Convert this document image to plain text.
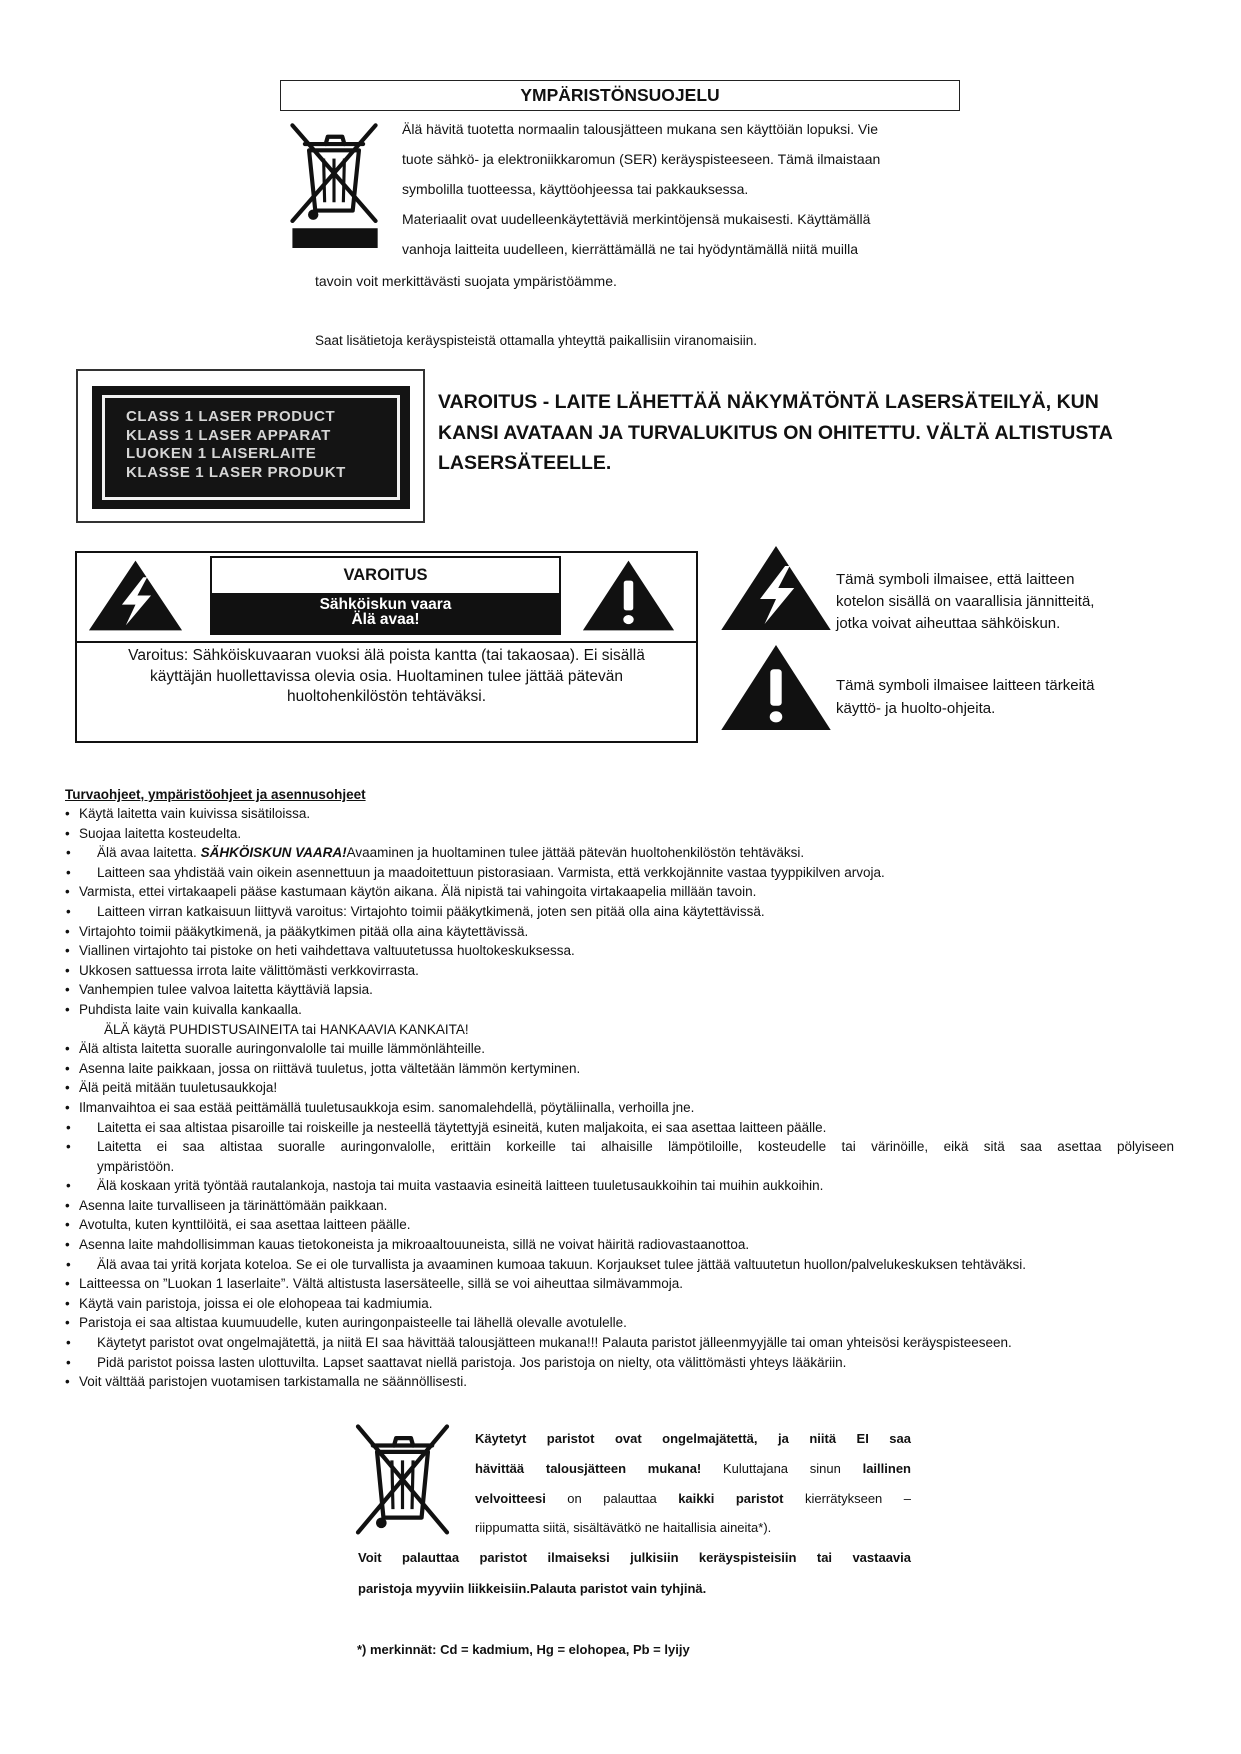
YMPÄRISTÖNSUOJELU
Älä hävitä tuotetta normaalin talousjätteen mukana sen käyttöiän lopuksi. Vie
tuote sähkö- ja elektroniikkaromun (SER) keräyspisteeseen. Tämä ilmaistaan
symbolilla tuotteessa, käyttöohjeessa tai pakkauksessa.
Materiaalit ovat uudelleenkäytettäviä merkintöjensä mukaisesti. Käyttämällä
vanhoja laitteita uudelleen, kierrättämällä ne tai hyödyntämällä niitä muilla
tavoin voit merkittävästi suojata ympäristöämme.
Saat lisätietoja keräyspisteistä ottamalla yhteyttä paikallisiin viranomaisiin.
CLASS 1 LASER PRODUCT
KLASS 1 LASER APPARAT
LUOKEN 1 LAISERLAITE
KLASSE 1 LASER PRODUKT
VAROITUS - LAITE LÄHETTÄÄ NÄKYMÄTÖNTÄ LASERSÄTEILYÄ, KUN
KANSI AVATAAN JA TURVALUKITUS ON OHITETTU. VÄLTÄ ALTISTUSTA
LASERSÄTEELLE.
VAROITUS
Sähköiskun vaara
Älä avaa!
Varoitus: Sähköiskuvaaran vuoksi älä poista kantta (tai takaosaa). Ei sisällä
käyttäjän huollettavissa olevia osia. Huoltaminen tulee jättää pätevän
huoltohenkilöstön tehtäväksi.
Tämä symboli ilmaisee, että laitteen
kotelon sisällä on vaarallisia jännitteitä,
jotka voivat aiheuttaa sähköiskun.
Tämä symboli ilmaisee laitteen tärkeitä
käyttö- ja huolto-ohjeita.
Turvaohjeet, ympäristöohjeet ja asennusohjeet
• Käytä laitetta vain kuivissa sisätiloissa.
• Suojaa laitetta kosteudelta.
• Älä avaa laitetta. SÄHKÖISKUN VAARA!Avaaminen ja huoltaminen tulee jättää pätevän huoltohenkilöstön tehtäväksi.
• Laitteen saa yhdistää vain oikein asennettuun ja maadoitettuun pistorasiaan. Varmista, että verkkojännite vastaa tyyppikilven arvoja.
• Varmista, ettei virtakaapeli pääse kastumaan käytön aikana. Älä nipistä tai vahingoita virtakaapelia millään tavoin.
• Laitteen virran katkaisuun liittyvä varoitus: Virtajohto toimii pääkytkimenä, joten sen pitää olla aina käytettävissä.
• Virtajohto toimii pääkytkimenä, ja pääkytkimen pitää olla aina käytettävissä.
• Viallinen virtajohto tai pistoke on heti vaihdettava valtuutetussa huoltokeskuksessa.
• Ukkosen sattuessa irrota laite välittömästi verkkovirrasta.
• Vanhempien tulee valvoa laitetta käyttäviä lapsia.
• Puhdista laite vain kuivalla kankaalla.
ÄLÄ käytä PUHDISTUSAINEITA tai HANKAAVIA KANKAITA!
• Älä altista laitetta suoralle auringonvalolle tai muille lämmönlähteille.
• Asenna laite paikkaan, jossa on riittävä tuuletus, jotta vältetään lämmön kertyminen.
• Älä peitä mitään tuuletusaukkoja!
• Ilmanvaihtoa ei saa estää peittämällä tuuletusaukkoja esim. sanomalehdellä, pöytäliinalla, verhoilla jne.
• Laitetta ei saa altistaa pisaroille tai roiskeille ja nesteellä täytettyjä esineitä, kuten maljakoita, ei saa asettaa laitteen päälle.
• Laitetta ei saa altistaa suoralle auringonvalolle, erittäin korkeille tai alhaisille lämpötiloille, kosteudelle tai värinöille, eikä sitä saa asettaa pölyiseen
ympäristöön.
• Älä koskaan yritä työntää rautalankoja, nastoja tai muita vastaavia esineitä laitteen tuuletusaukkoihin tai muihin aukkoihin.
• Asenna laite turvalliseen ja tärinättömään paikkaan.
• Avotulta, kuten kynttilöitä, ei saa asettaa laitteen päälle.
• Asenna laite mahdollisimman kauas tietokoneista ja mikroaaltouuneista, sillä ne voivat häiritä radiovastaanottoa.
• Älä avaa tai yritä korjata koteloa. Se ei ole turvallista ja avaaminen kumoaa takuun. Korjaukset tulee jättää valtuutetun huollon/palvelukeskuksen tehtäväksi.
• Laitteessa on ”Luokan 1 laserlaite”. Vältä altistusta lasersäteelle, sillä se voi aiheuttaa silmävammoja.
• Käytä vain paristoja, joissa ei ole elohopeaa tai kadmiumia.
• Paristoja ei saa altistaa kuumuudelle, kuten auringonpaisteelle tai lähellä olevalle avotulelle.
• Käytetyt paristot ovat ongelmajätettä, ja niitä EI saa hävittää talousjätteen mukana!!! Palauta paristot jälleenmyyjälle tai oman yhteisösi keräyspisteeseen.
• Pidä paristot poissa lasten ulottuvilta. Lapset saattavat niellä paristoja. Jos paristoja on nielty, ota välittömästi yhteys lääkäriin.
• Voit välttää paristojen vuotamisen tarkistamalla ne säännöllisesti.
Käytetyt paristot ovat ongelmajätettä, ja niitä EI saa
hävittää talousjätteen mukana! Kuluttajana sinun laillinen
velvoitteesi on palauttaa kaikki paristot kierrätykseen –
riippumatta siitä, sisältävätkö ne haitallisia aineita*).
Voit palauttaa paristot ilmaiseksi julkisiin keräyspisteisiin tai vastaavia
paristoja myyviin liikkeisiin.Palauta paristot vain tyhjinä.
*) merkinnät: Cd = kadmium, Hg = elohopea, Pb = lyijy
